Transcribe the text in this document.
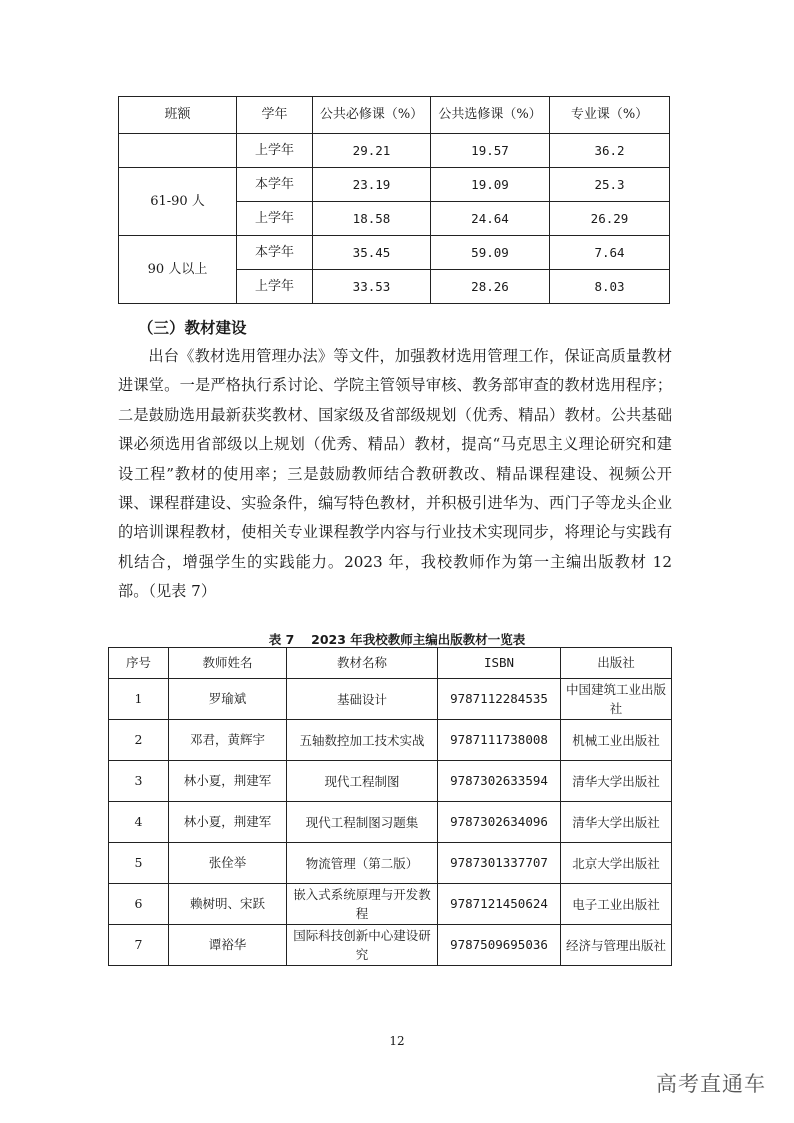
班额	学年	公共必修课（%）	公共选修课（%）	专业课（%）
	上学年	29.21	19.57	36.2
61-90 人	本学年	23.19	19.09	25.3
	上学年	18.58	24.64	26.29
90 人以上	本学年	35.45	59.09	7.64
	上学年	33.53	28.26	8.03
（三）教材建设

出台《教材选用管理办法》等文件，加强教材选用管理工作，保证高质量教材进课堂。一是严格执行系讨论、学院主管领导审核、教务部审查的教材选用程序；二是鼓励选用最新获奖教材、国家级及省部级规划（优秀、精品）教材。公共基础课必须选用省部级以上规划（优秀、精品）教材，提高“马克思主义理论研究和建设工程”教材的使用率；三是鼓励教师结合教研教改、精品课程建设、视频公开课、课程群建设、实验条件，编写特色教材，并积极引进华为、西门子等龙头企业的培训课程教材，使相关专业课程教学内容与行业技术实现同步，将理论与实践有机结合，增强学生的实践能力。2023 年，我校教师作为第一主编出版教材 12 部。（见表 7）

表 7　 2023 年我校教师主编出版教材一览表
序号	教师姓名	教材名称	ISBN	出版社
1	罗瑜斌	基础设计	9787112284535	中国建筑工业出版社
2	邓君，黄辉宇	五轴数控加工技术实战	9787111738008	机械工业出版社
3	林小夏，荆建军	现代工程制图	9787302633594	清华大学出版社
4	林小夏，荆建军	现代工程制图习题集	9787302634096	清华大学出版社
5	张佺举	物流管理（第二版）	9787301337707	北京大学出版社
6	赖树明、宋跃	嵌入式系统原理与开发教程	9787121450624	电子工业出版社
7	谭裕华	国际科技创新中心建设研究	9787509695036	经济与管理出版社
12
高考直通车
